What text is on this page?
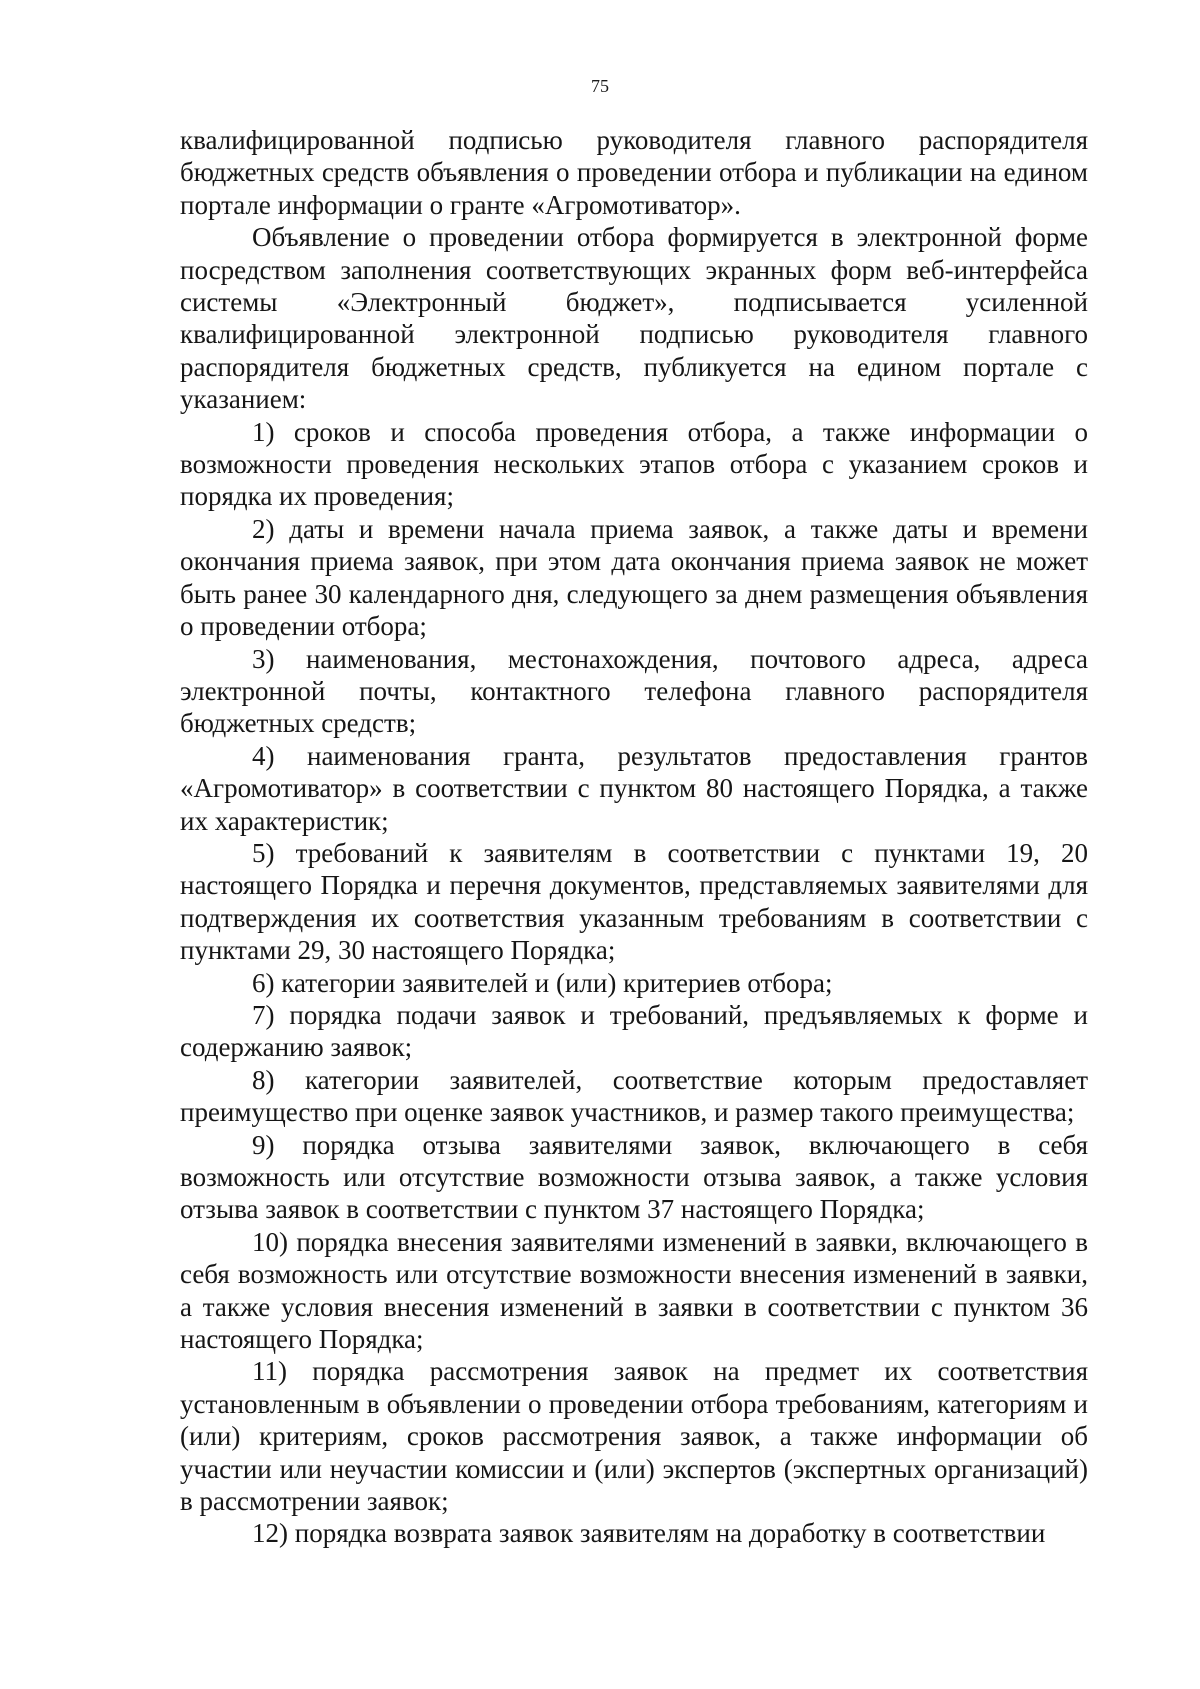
75

квалифицированной подписью руководителя главного распорядителя бюджетных средств объявления о проведении отбора и публикации на едином портале информации о гранте «Агромотиватор».

Объявление о проведении отбора формируется в электронной форме посредством заполнения соответствующих экранных форм веб-интерфейса системы «Электронный бюджет», подписывается усиленной квалифицированной электронной подписью руководителя главного распорядителя бюджетных средств, публикуется на едином портале с указанием:

1) сроков и способа проведения отбора, а также информации о возможности проведения нескольких этапов отбора с указанием сроков и порядка их проведения;

2) даты и времени начала приема заявок, а также даты и времени окончания приема заявок, при этом дата окончания приема заявок не может быть ранее 30 календарного дня, следующего за днем размещения объявления о проведении отбора;

3) наименования, местонахождения, почтового адреса, адреса электронной почты, контактного телефона главного распорядителя бюджетных средств;

4) наименования гранта, результатов предоставления грантов «Агромотиватор» в соответствии с пунктом 80 настоящего Порядка, а также их характеристик;

5) требований к заявителям в соответствии с пунктами 19, 20 настоящего Порядка и перечня документов, представляемых заявителями для подтверждения их соответствия указанным требованиям в соответствии с пунктами 29, 30 настоящего Порядка;

6) категории заявителей и (или) критериев отбора;

7) порядка подачи заявок и требований, предъявляемых к форме и содержанию заявок;

8) категории заявителей, соответствие которым предоставляет преимущество при оценке заявок участников, и размер такого преимущества;

9) порядка отзыва заявителями заявок, включающего в себя возможность или отсутствие возможности отзыва заявок, а также условия отзыва заявок в соответствии с пунктом 37 настоящего Порядка;

10) порядка внесения заявителями изменений в заявки, включающего в себя возможность или отсутствие возможности внесения изменений в заявки, а также условия внесения изменений в заявки в соответствии с пунктом 36 настоящего Порядка;

11) порядка рассмотрения заявок на предмет их соответствия установленным в объявлении о проведении отбора требованиям, категориям и (или) критериям, сроков рассмотрения заявок, а также информации об участии или неучастии комиссии и (или) экспертов (экспертных организаций) в рассмотрении заявок;

12) порядка возврата заявок заявителям на доработку в соответствии
